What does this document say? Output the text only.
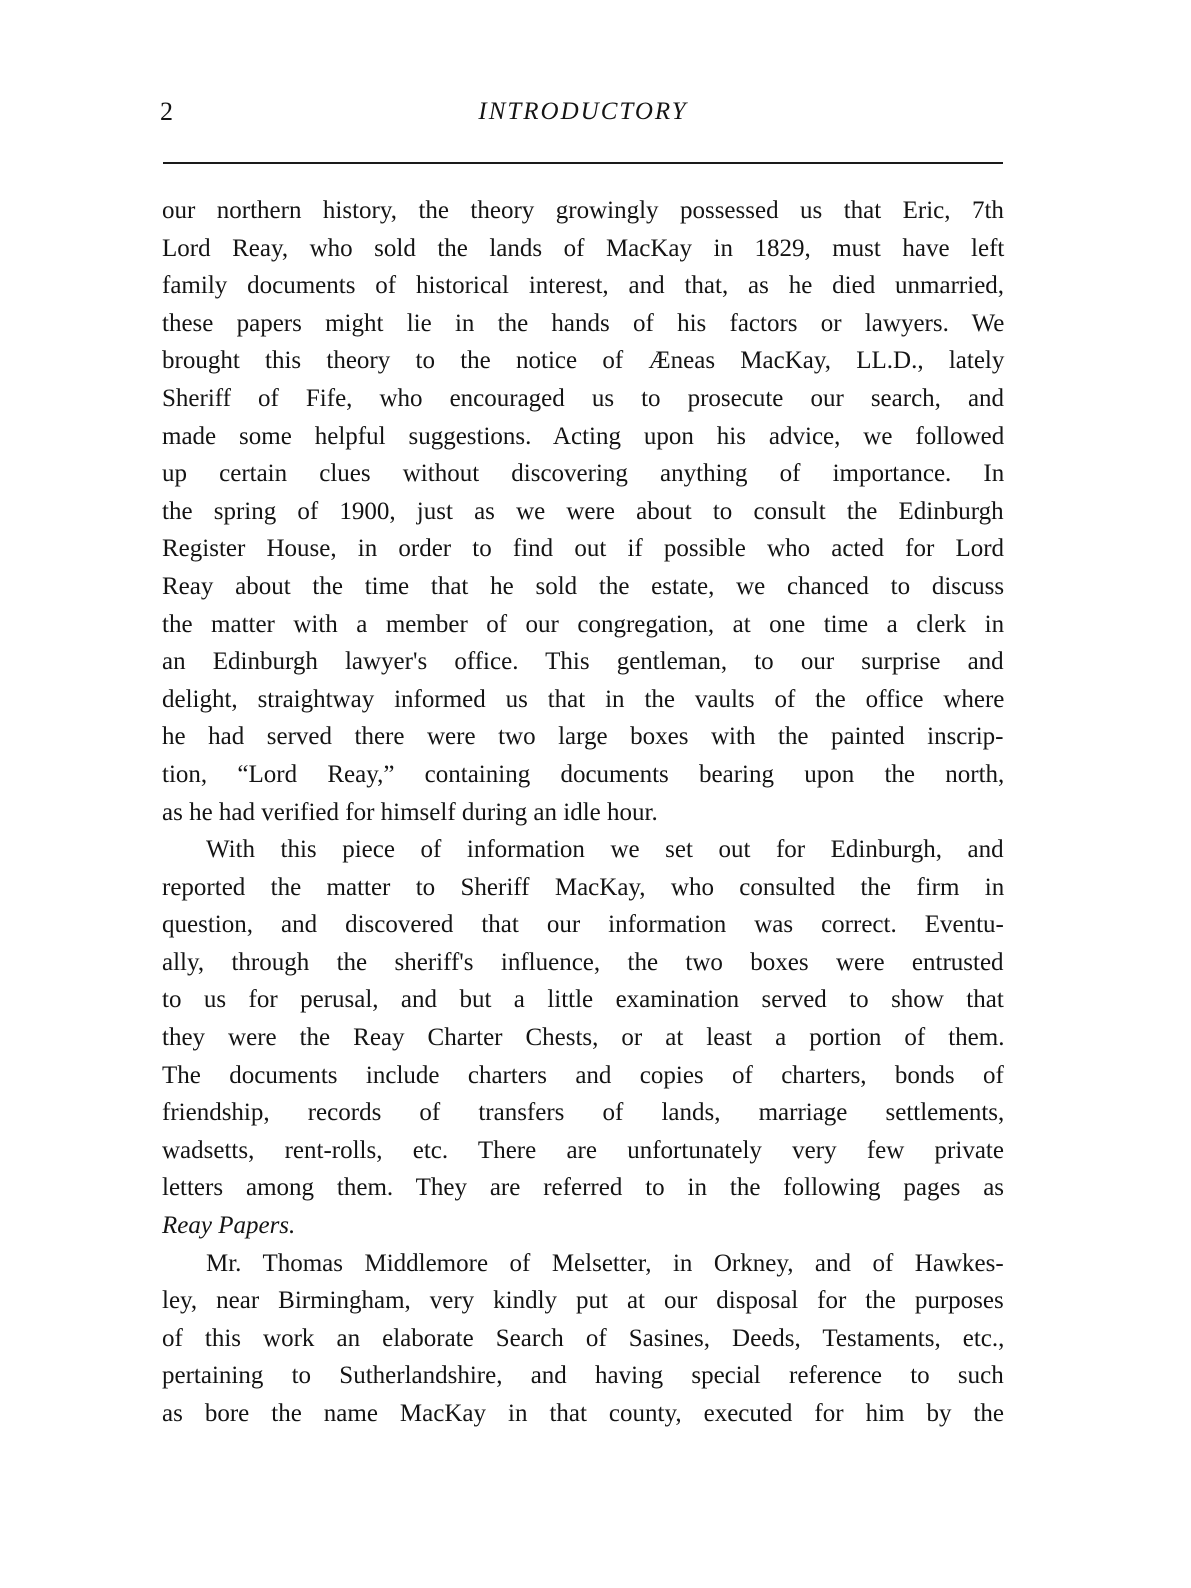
2	INTRODUCTORY
our northern history, the theory growingly possessed us that Eric, 7th
Lord Reay, who sold the lands of MacKay in 1829, must have left
family documents of historical interest, and that, as he died unmarried,
these papers might lie in the hands of his factors or lawyers. We
brought this theory to the notice of Æneas MacKay, LL.D., lately
Sheriff of Fife, who encouraged us to prosecute our search, and
made some helpful suggestions. Acting upon his advice, we followed
up certain clues without discovering anything of importance. In
the spring of 1900, just as we were about to consult the Edinburgh
Register House, in order to find out if possible who acted for Lord
Reay about the time that he sold the estate, we chanced to discuss
the matter with a member of our congregation, at one time a clerk in
an Edinburgh lawyer's office. This gentleman, to our surprise and
delight, straightway informed us that in the vaults of the office where
he had served there were two large boxes with the painted inscrip-
tion, “Lord Reay,” containing documents bearing upon the north,
as he had verified for himself during an idle hour.
With this piece of information we set out for Edinburgh, and
reported the matter to Sheriff MacKay, who consulted the firm in
question, and discovered that our information was correct. Eventu-
ally, through the sheriff's influence, the two boxes were entrusted
to us for perusal, and but a little examination served to show that
they were the Reay Charter Chests, or at least a portion of them.
The documents include charters and copies of charters, bonds of
friendship, records of transfers of lands, marriage settlements,
wadsetts, rent-rolls, etc. There are unfortunately very few private
letters among them. They are referred to in the following pages as
Reay Papers.
Mr. Thomas Middlemore of Melsetter, in Orkney, and of Hawkes-
ley, near Birmingham, very kindly put at our disposal for the purposes
of this work an elaborate Search of Sasines, Deeds, Testaments, etc.,
pertaining to Sutherlandshire, and having special reference to such
as bore the name MacKay in that county, executed for him by the
